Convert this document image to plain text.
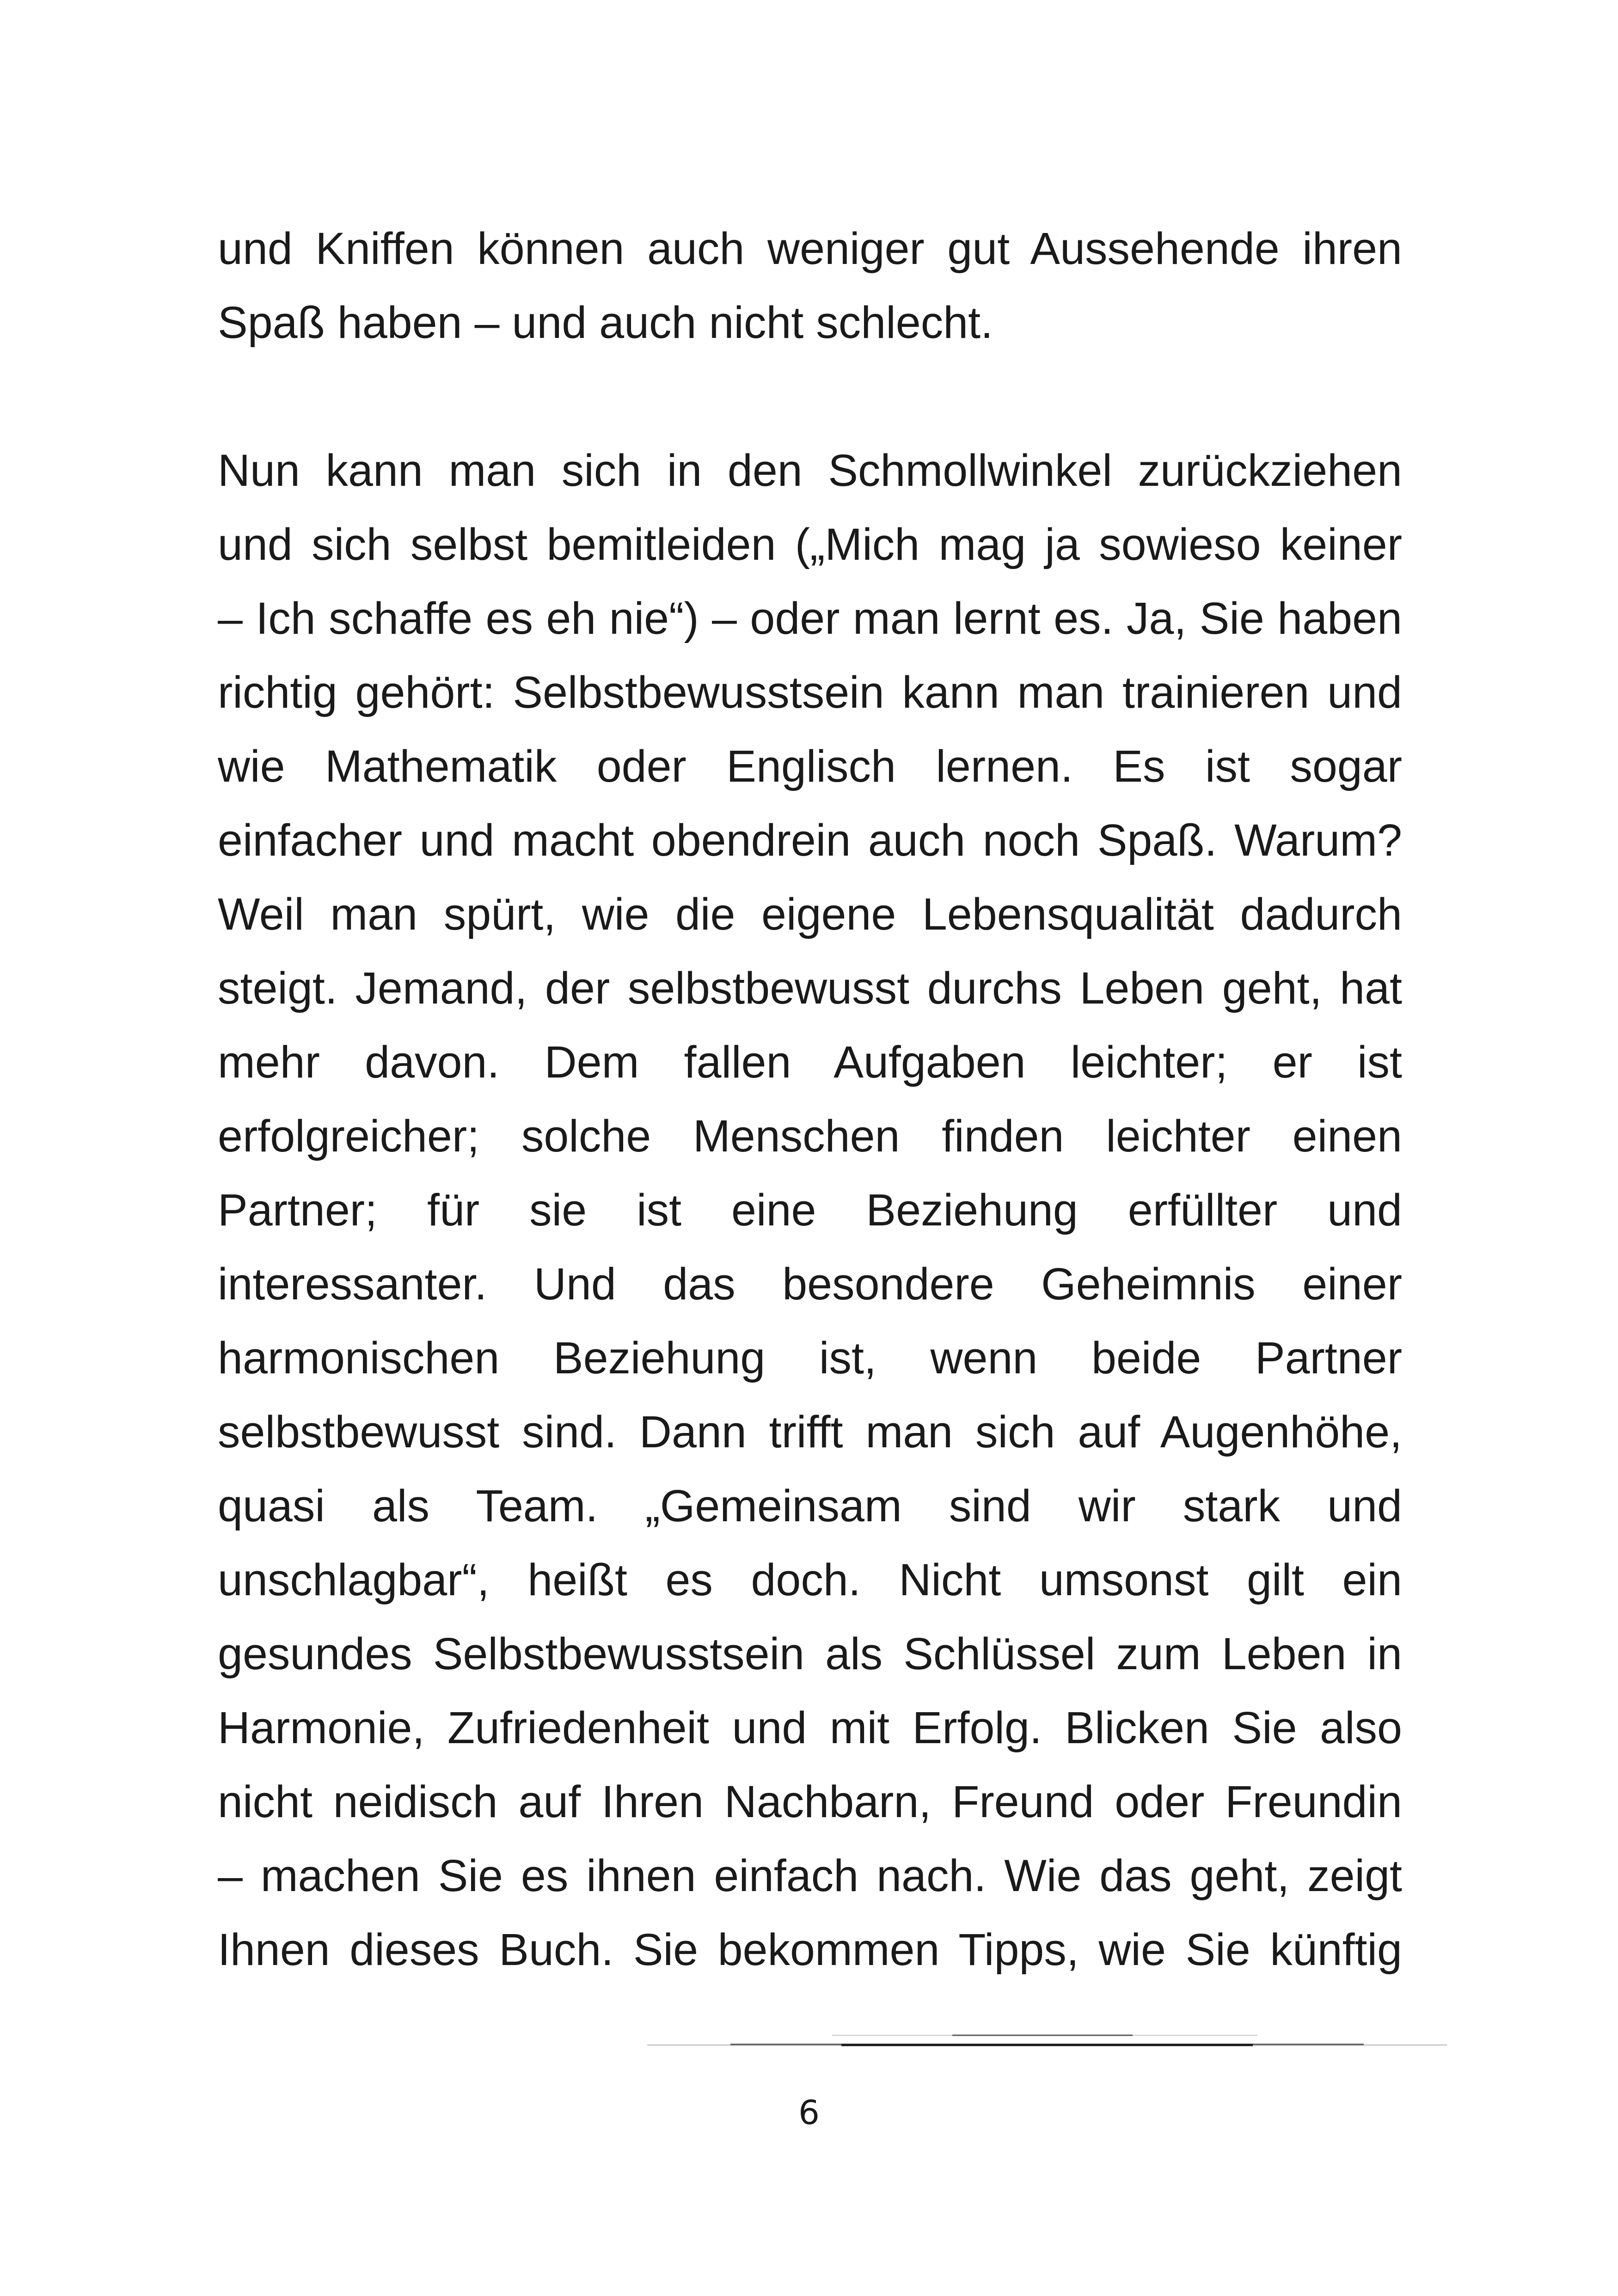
und Kniffen können auch weniger gut Aussehende ihren
Spaß haben – und auch nicht schlecht.
Nun kann man sich in den Schmollwinkel zurückziehen
und sich selbst bemitleiden („Mich mag ja sowieso keiner
– Ich schaffe es eh nie“) – oder man lernt es. Ja, Sie haben
richtig gehört: Selbstbewusstsein kann man trainieren und
wie Mathematik oder Englisch lernen. Es ist sogar
einfacher und macht obendrein auch noch Spaß. Warum?
Weil man spürt, wie die eigene Lebensqualität dadurch
steigt. Jemand, der selbstbewusst durchs Leben geht, hat
mehr davon. Dem fallen Aufgaben leichter; er ist
erfolgreicher; solche Menschen finden leichter einen
Partner; für sie ist eine Beziehung erfüllter und
interessanter. Und das besondere Geheimnis einer
harmonischen Beziehung ist, wenn beide Partner
selbstbewusst sind. Dann trifft man sich auf Augenhöhe,
quasi als Team. „Gemeinsam sind wir stark und
unschlagbar“, heißt es doch. Nicht umsonst gilt ein
gesundes Selbstbewusstsein als Schlüssel zum Leben in
Harmonie, Zufriedenheit und mit Erfolg. Blicken Sie also
nicht neidisch auf Ihren Nachbarn, Freund oder Freundin
– machen Sie es ihnen einfach nach. Wie das geht, zeigt
Ihnen dieses Buch. Sie bekommen Tipps, wie Sie künftig
6
